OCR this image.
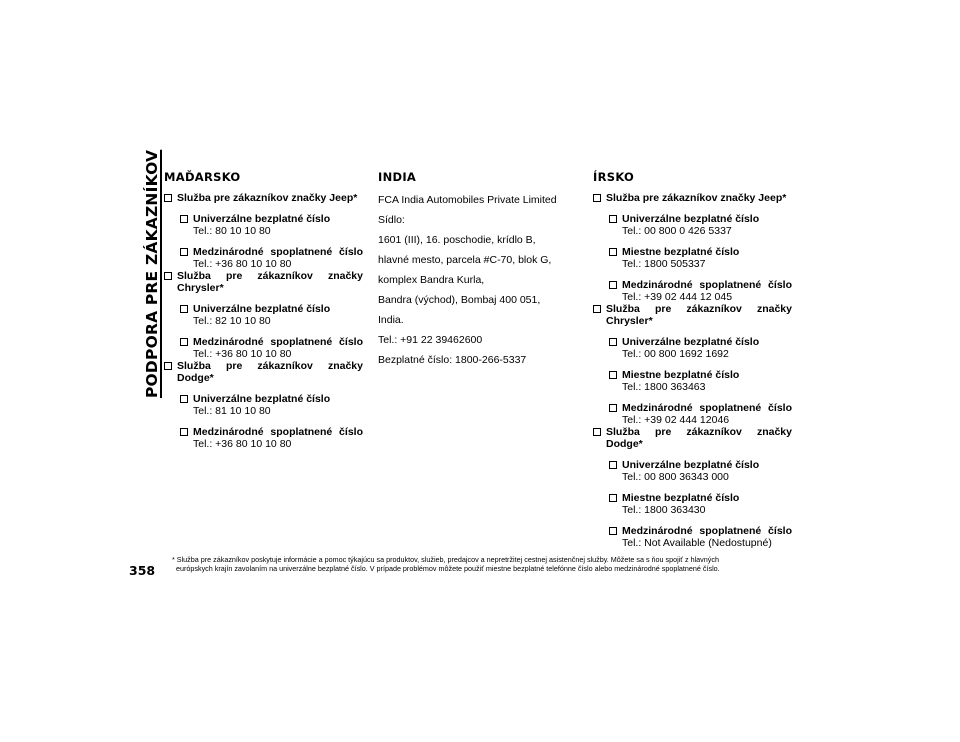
PODPORA PRE ZÁKAZNÍKOV MAĎARSKO
Služba pre zákazníkov značky Jeep*
Univerzálne bezplatné číslo
Tel.: 80 10 10 80
Medzinárodné spoplatnené číslo
Tel.: +36 80 10 10 80
Služba pre zákazníkov značky Chrysler*
Univerzálne bezplatné číslo
Tel.: 82 10 10 80
Medzinárodné spoplatnené číslo
Tel.: +36 80 10 10 80
Služba pre zákazníkov značky Dodge*
Univerzálne bezplatné číslo
Tel.: 81 10 10 80
Medzinárodné spoplatnené číslo
Tel.: +36 80 10 10 80
INDIA

FCA India Automobiles Private Limited

Sídlo:

1601 (III), 16. poschodie, krídlo B,

hlavné mesto, parcela #C-70, blok G,

komplex Bandra Kurla,

Bandra (východ), Bombaj 400 051,

India.

Tel.: +91 22 39462600

Bezplatné číslo: 1800-266-5337

ÍRSKO
Služba pre zákazníkov značky Jeep*
Univerzálne bezplatné číslo
Tel.: 00 800 0 426 5337
Miestne bezplatné číslo
Tel.: 1800 505337
Medzinárodné spoplatnené číslo
Tel.: +39 02 444 12 045
Služba pre zákazníkov značky Chrysler*
Univerzálne bezplatné číslo
Tel.: 00 800 1692 1692
Miestne bezplatné číslo
Tel.: 1800 363463
Medzinárodné spoplatnené číslo
Tel.: +39 02 444 12046
Služba pre zákazníkov značky Dodge*
Univerzálne bezplatné číslo
Tel.: 00 800 36343 000
Miestne bezplatné číslo
Tel.: 1800 363430
Medzinárodné spoplatnené číslo
Tel.: Not Available (Nedostupné)
358
* Služba pre zákazníkov poskytuje informácie a pomoc týkajúcu sa produktov, služieb, predajcov a nepretržitej cestnej asistenčnej služby. Môžete sa s ňou spojiť z hlavných
európskych krajín zavolaním na univerzálne bezplatné číslo. V prípade problémov môžete použiť miestne bezplatné telefónne číslo alebo medzinárodné spoplatnené číslo.
